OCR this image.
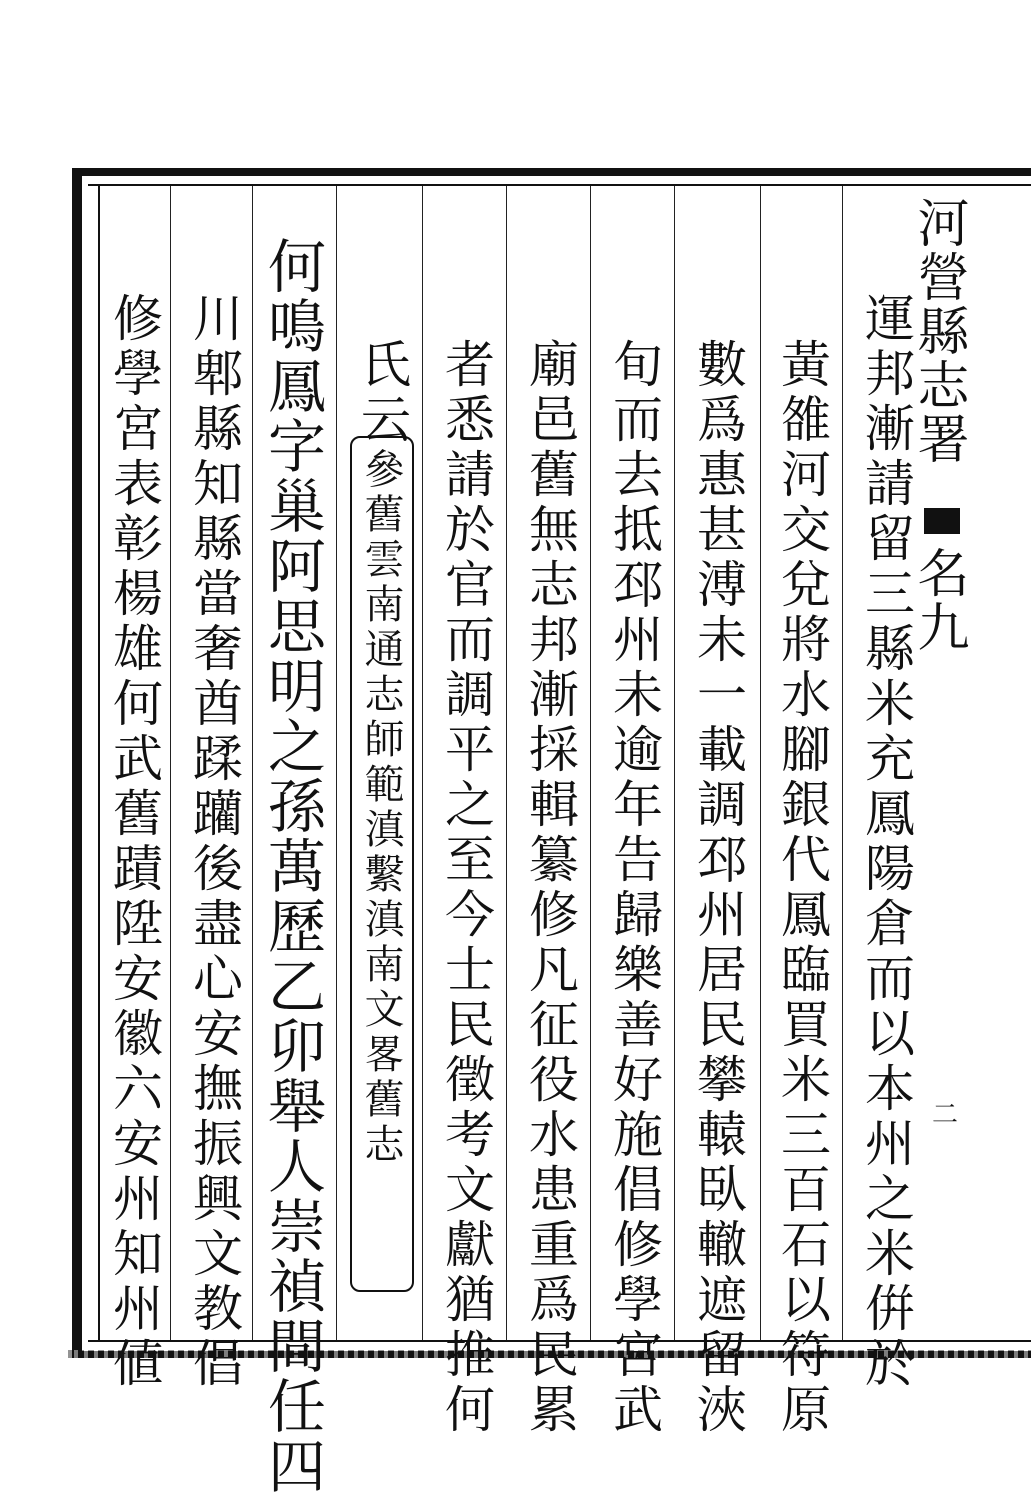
河營縣志署
名九
二
運邦漸請留三縣米充鳳陽倉而以本州之米倂於
黃雒河交兌將水腳銀代鳳臨買米三百石以符原
數爲惠甚溥未一載調邳州居民攀轅臥轍遮留浹
旬而去抵邳州未逾年告歸樂善好施倡修學宮武
廟邑舊無志邦漸採輯纂修凡征役水患重爲民累
者悉請於官而調平之至今士民徵考文獻猶推何
氏云
參舊雲南通志師範滇繫滇南文畧舊志
何鳴鳳字巢阿思明之孫萬歷乙卯舉人崇禎間任四
川郫縣知縣當奢酋蹂躪後盡心安撫振興文教倡
修學宮表彰楊雄何武舊蹟陞安徽六安州知州値
